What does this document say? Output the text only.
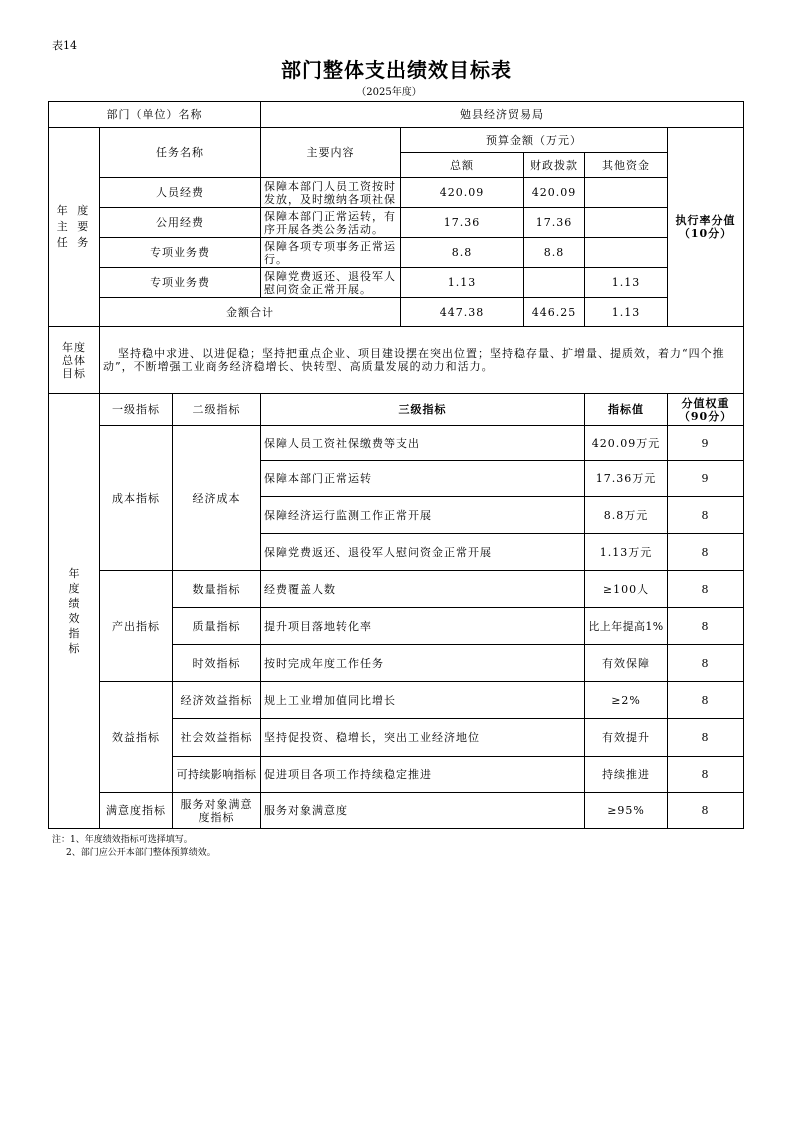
表14
部门整体支出绩效目标表
（2025年度）
部门（单位）名称			勉县经济贸易局				

年 度
主 要
任 务	任务名称		主要内容	预算金额（万元）			执行率分值
（10分）

				总额	财政拨款	其他资金	
	人员经费		保障本部门人员工资按时发放，及时缴纳各项社保	420.09	420.09		
	公用经费		保障本部门正常运转，有序开展各类公务活动。	17.36	17.36		
	专项业务费		保障各项专项事务正常运行。	8.8	8.8		
	专项业务费		保障党费返还、退役军人慰问资金正常开展。	1.13		1.13	
	金额合计			447.38	446.25	1.13	

年度
总体
目标	坚持稳中求进、以进促稳；坚持把重点企业、项目建设摆在突出位置；坚持稳存量、扩增量、提质效，着力“四个推动”，不断增强工业商务经济稳增长、快转型、高质量发展的动力和活力。						
年度绩效指标	一级指标	二级指标	三级指标			指标值	分值权重
（90分）

	成本指标	经济成本	保障人员工资社保缴费等支出			420.09万元	9
			保障本部门正常运转			17.36万元	9
			保障经济运行监测工作正常开展			8.8万元	8
			保障党费返还、退役军人慰问资金正常开展			1.13万元	8
	产出指标	数量指标	经费覆盖人数			≥100人	8
		质量指标	提升项目落地转化率			比上年提高1%	8
		时效指标	按时完成年度工作任务			有效保障	8
	效益指标	经济效益指标	规上工业增加值同比增长			≥2%	8
		社会效益指标	坚持促投资、稳增长，突出工业经济地位			有效提升	8
		可持续影响指标	促进项目各项工作持续稳定推进			持续推进	8
	满意度指标	服务对象满意度指标	服务对象满意度			≥95%	8
注：1、年度绩效指标可选择填写。
2、部门应公开本部门整体预算绩效。
